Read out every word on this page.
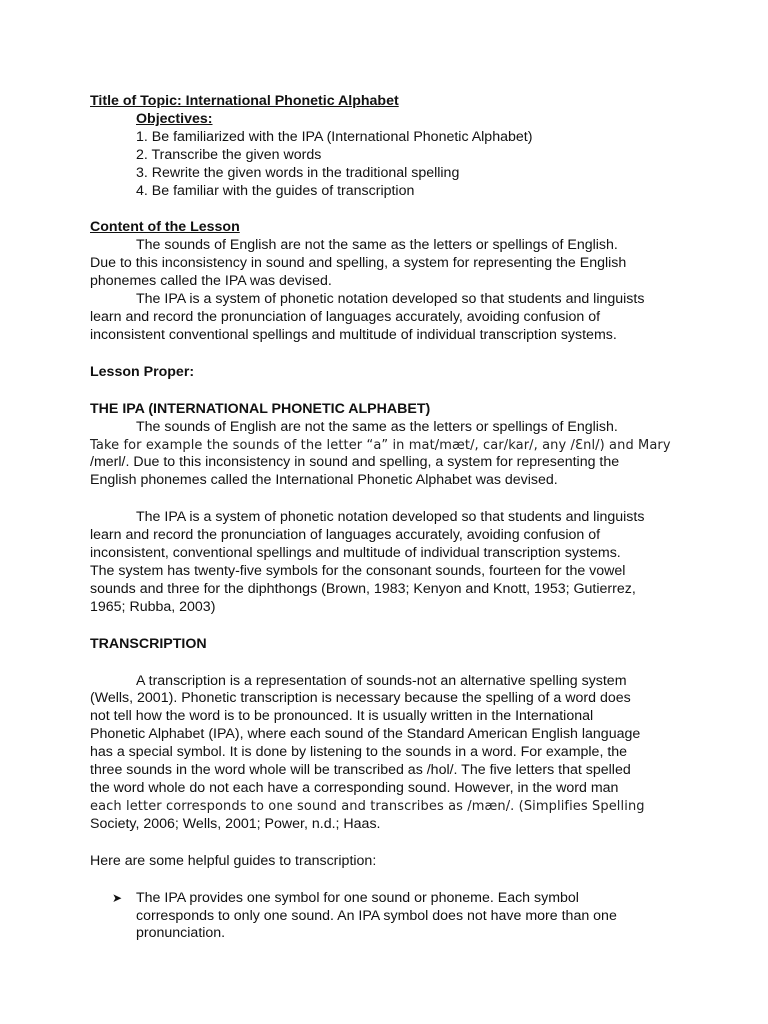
Title of Topic: International Phonetic Alphabet
Objectives:
1. Be familiarized with the IPA (International Phonetic Alphabet)
2. Transcribe the given words
3. Rewrite the given words in the traditional spelling
4. Be familiar with the guides of transcription
Content of the Lesson
The sounds of English are not the same as the letters or spellings of English.
Due to this inconsistency in sound and spelling, a system for representing the English
phonemes called the IPA was devised.
The IPA is a system of phonetic notation developed so that students and linguists
learn and record the pronunciation of languages accurately, avoiding confusion of
inconsistent conventional spellings and multitude of individual transcription systems.
Lesson Proper:
THE IPA (INTERNATIONAL PHONETIC ALPHABET)
The sounds of English are not the same as the letters or spellings of English.
Take for example the sounds of the letter “a” in mat/mæt/, car/kar/, any /Ɛnl/) and Mary
/merl/. Due to this inconsistency in sound and spelling, a system for representing the
English phonemes called the International Phonetic Alphabet was devised.
The IPA is a system of phonetic notation developed so that students and linguists
learn and record the pronunciation of languages accurately, avoiding confusion of
inconsistent, conventional spellings and multitude of individual transcription systems.
The system has twenty-five symbols for the consonant sounds, fourteen for the vowel
sounds and three for the diphthongs (Brown, 1983; Kenyon and Knott, 1953; Gutierrez,
1965; Rubba, 2003)
TRANSCRIPTION
A transcription is a representation of sounds-not an alternative spelling system
(Wells, 2001). Phonetic transcription is necessary because the spelling of a word does
not tell how the word is to be pronounced. It is usually written in the International
Phonetic Alphabet (IPA), where each sound of the Standard American English language
has a special symbol. It is done by listening to the sounds in a word. For example, the
three sounds in the word whole will be transcribed as /hol/. The five letters that spelled
the word whole do not each have a corresponding sound. However, in the word man
each letter corresponds to one sound and transcribes as /mæn/. (Simplifies Spelling
Society, 2006; Wells, 2001; Power, n.d.; Haas.
Here are some helpful guides to transcription:
➤ The IPA provides one symbol for one sound or phoneme. Each symbol
corresponds to only one sound. An IPA symbol does not have more than one
pronunciation.
